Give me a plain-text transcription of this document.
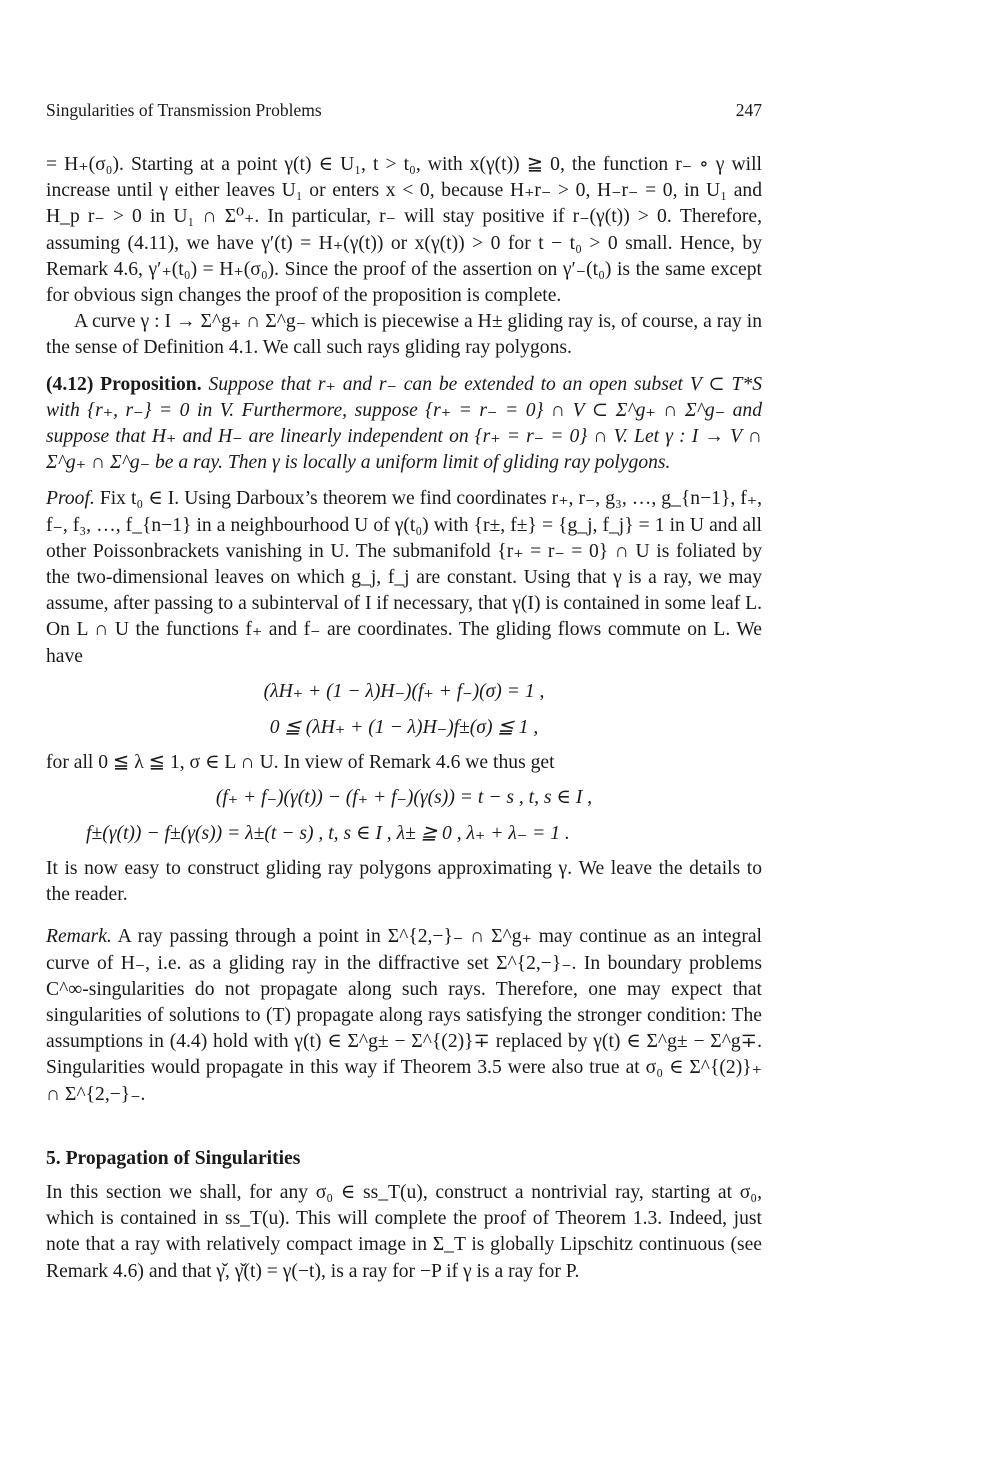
Singularities of Transmission Problems	247

= H₊(σ₀). Starting at a point γ(t) ∈ U₁, t > t₀, with x(γ(t)) ≧ 0, the function r₋ ∘ γ will increase until γ either leaves U₁ or enters x < 0, because H₊r₋ > 0, H₋r₋ = 0, in U₁ and H_p r₋ > 0 in U₁ ∩ Σ⁰₊. In particular, r₋ will stay positive if r₋(γ(t)) > 0. Therefore, assuming (4.11), we have γ′(t) = H₊(γ(t)) or x(γ(t)) > 0 for t − t₀ > 0 small. Hence, by Remark 4.6, γ′₊(t₀) = H₊(σ₀). Since the proof of the assertion on γ′₋(t₀) is the same except for obvious sign changes the proof of the proposition is complete.

A curve γ : I → Σ^g₊ ∩ Σ^g₋ which is piecewise a H± gliding ray is, of course, a ray in the sense of Definition 4.1. We call such rays gliding ray polygons.

(4.12) Proposition. Suppose that r₊ and r₋ can be extended to an open subset V ⊂ T*S with {r₊, r₋} = 0 in V. Furthermore, suppose {r₊ = r₋ = 0} ∩ V ⊂ Σ^g₊ ∩ Σ^g₋ and suppose that H₊ and H₋ are linearly independent on {r₊ = r₋ = 0} ∩ V. Let γ : I → V ∩ Σ^g₊ ∩ Σ^g₋ be a ray. Then γ is locally a uniform limit of gliding ray polygons.

Proof. Fix t₀ ∈ I. Using Darboux’s theorem we find coordinates r₊, r₋, g₃, …, g_{n−1}, f₊, f₋, f₃, …, f_{n−1} in a neighbourhood U of γ(t₀) with {r±, f±} = {g_j, f_j} = 1 in U and all other Poissonbrackets vanishing in U. The submanifold {r₊ = r₋ = 0} ∩ U is foliated by the two-dimensional leaves on which g_j, f_j are constant. Using that γ is a ray, we may assume, after passing to a subinterval of I if necessary, that γ(I) is contained in some leaf L. On L ∩ U the functions f₊ and f₋ are coordinates. The gliding flows commute on L. We have

(λH₊ + (1 − λ)H₋)(f₊ + f₋)(σ) = 1 ,
0 ≦ (λH₊ + (1 − λ)H₋)f±(σ) ≦ 1 ,

for all 0 ≦ λ ≦ 1, σ ∈ L ∩ U. In view of Remark 4.6 we thus get

(f₊ + f₋)(γ(t)) − (f₊ + f₋)(γ(s)) = t − s , t, s ∈ I ,
f±(γ(t)) − f±(γ(s)) = λ±(t − s) , t, s ∈ I , λ± ≧ 0 , λ₊ + λ₋ = 1 .

It is now easy to construct gliding ray polygons approximating γ. We leave the details to the reader.

Remark. A ray passing through a point in Σ^{2,−}₋ ∩ Σ^g₊ may continue as an integral curve of H₋, i.e. as a gliding ray in the diffractive set Σ^{2,−}₋. In boundary problems C^∞-singularities do not propagate along such rays. Therefore, one may expect that singularities of solutions to (T) propagate along rays satisfying the stronger condition: The assumptions in (4.4) hold with γ(t) ∈ Σ^g± − Σ^{(2)}∓ replaced by γ(t) ∈ Σ^g± − Σ^g∓. Singularities would propagate in this way if Theorem 3.5 were also true at σ₀ ∈ Σ^{(2)}₊ ∩ Σ^{2,−}₋.

5. Propagation of Singularities

In this section we shall, for any σ₀ ∈ ss_T(u), construct a nontrivial ray, starting at σ₀, which is contained in ss_T(u). This will complete the proof of Theorem 1.3. Indeed, just note that a ray with relatively compact image in Σ_T is globally Lipschitz continuous (see Remark 4.6) and that γ̌, γ̌(t) = γ(−t), is a ray for −P if γ is a ray for P.
